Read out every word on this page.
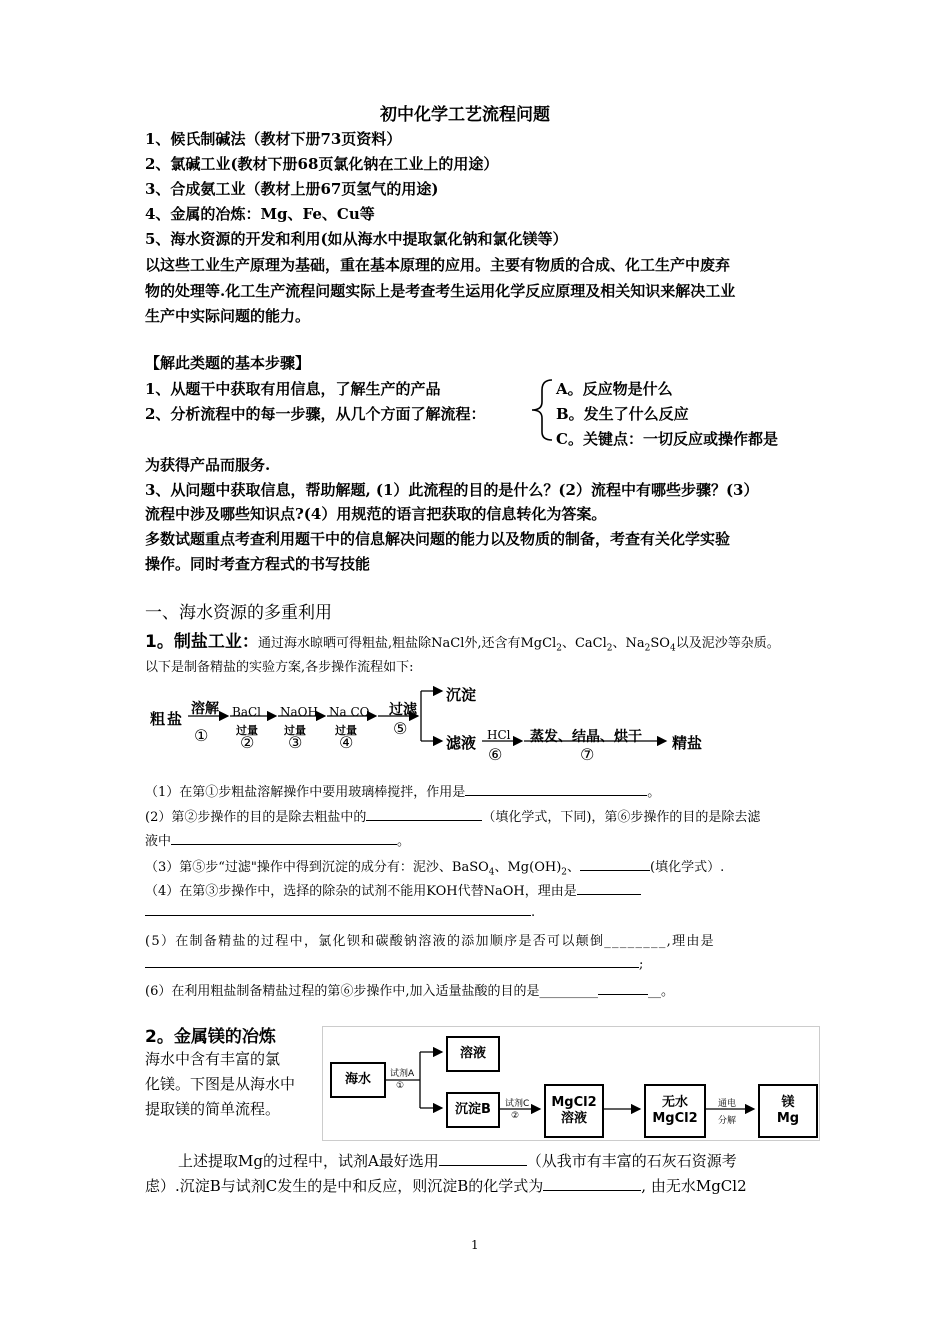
初中化学工艺流程问题
1、候氏制碱法（教材下册73页资料）
2、氯碱工业(教材下册68页氯化钠在工业上的用途）
3、合成氨工业（教材上册67页氢气的用途)
4、金属的冶炼：Mg、Fe、Cu等
5、海水资源的开发和利用(如从海水中提取氯化钠和氯化镁等）
以这些工业生产原理为基础，重在基本原理的应用。主要有物质的合成、化工生产中废弃
物的处理等.化工生产流程问题实际上是考查考生运用化学反应原理及相关知识来解决工业
生产中实际问题的能力。
【解此类题的基本步骤】
1、从题干中获取有用信息，了解生产的产品
2、分析流程中的每一步骤，从几个方面了解流程：
A。反应物是什么
B。发生了什么反应
C。关键点：一切反应或操作都是
为获得产品而服务.
3、从问题中获取信息，帮助解题, (1）此流程的目的是什么？(2）流程中有哪些步骤？(3）
流程中涉及哪些知识点?(4）用规范的语言把获取的信息转化为答案。
多数试题重点考查利用题干中的信息解决问题的能力以及物质的制备，考查有关化学实验
操作。同时考查方程式的书写技能
一、海水资源的多重利用
1。制盐工业： 通过海水晾晒可得粗盐,粗盐除NaCl外,还含有MgCl$_2$、CaCl$_2$、$Na_2SO_4$以及泥沙等杂质。
以下是制备精盐的实验方案,各步操作流程如下:
粗盐
溶解 BaCl NaOH Na CO
过量 过量	过量
过滤
沉淀
滤液 HCl 蒸发、结晶、烘干 精盐
① ② ③ ④
⑤
⑥	⑦
（1）在第①步粗盐溶解操作中要用玻璃棒搅拌，作用是	。
(2）第②步操作的目的是除去粗盐中的	（填化学式，下同)，第⑥步操作的目的是除去滤
液中	。
（3）第⑤步“过滤"操作中得到沉淀的成分有：泥沙、BaSO$_4$、$Mg(OH)_2$、	(填化学式）.
（4）在第③步操作中，选择的除杂的试剂不能用KOH代替NaOH，理由是
.
(5）在制备精盐的过程中，氯化钡和碳酸钠溶液的添加顺序是否可以颠倒________,理由是
;
(6）在利用粗盐制备精盐过程的第⑥步操作中,加入适量盐酸的目的是_________	__。
2。金属镁的冶炼
海水中含有丰富的氯
化镁。下图是从海水中
提取镁的简单流程。
海水 试剂A
①
溶液
沉淀B 试剂C
②
MgCl2
溶液
无水
MgCl2
通电
分解
镁
Mg
上述提取Mg的过程中，试剂A最好选用	（从我市有丰富的石灰石资源考
虑）.沉淀B与试剂C发生的是中和反应，则沉淀B的化学式为	, 由无水MgCl2
1
